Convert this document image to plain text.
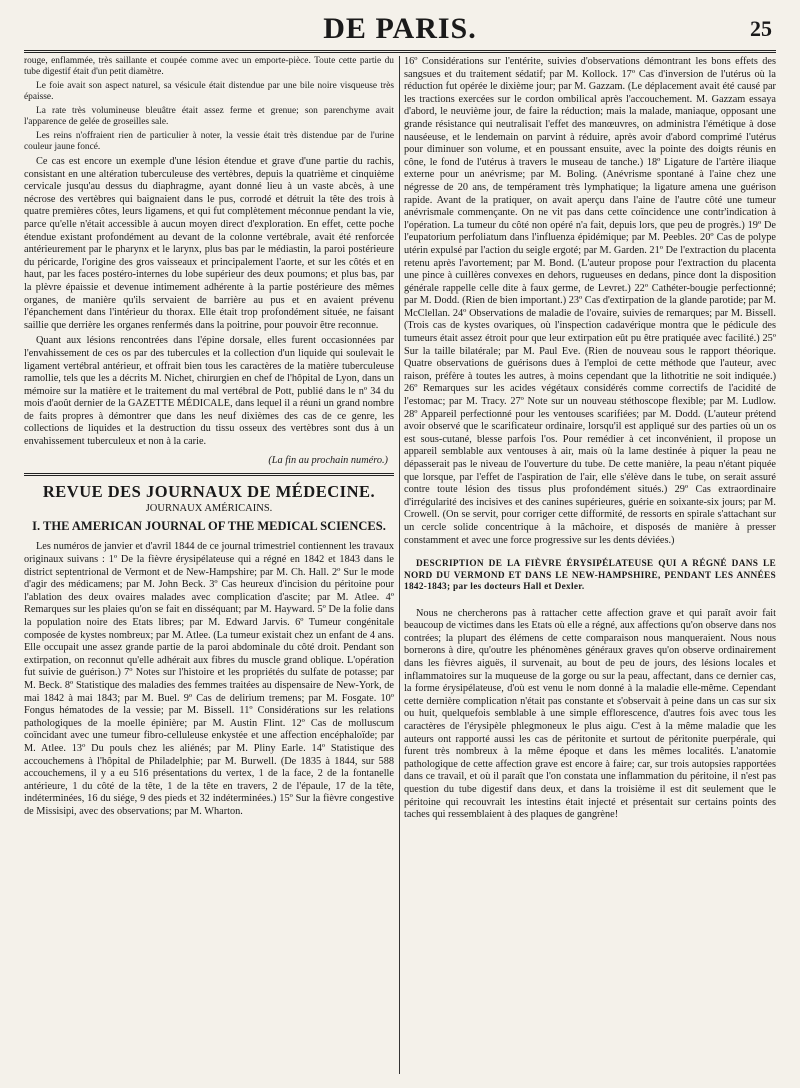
DE PARIS.	25

rouge, enflammée, très saillante et coupée comme avec un emporte-pièce. Toute cette partie du tube digestif était d'un petit diamètre.

Le foie avait son aspect naturel, sa vésicule était distendue par une bile noire visqueuse très épaisse.

La rate très volumineuse bleuâtre était assez ferme et grenue; son parenchyme avait l'apparence de gelée de groseilles sale.

Les reins n'offraient rien de particulier à noter, la vessie était très distendue par de l'urine couleur jaune foncé.

Ce cas est encore un exemple d'une lésion étendue et grave d'une partie du rachis, consistant en une altération tuberculeuse des vertèbres, depuis la quatrième et cinquième cervicale jusqu'au dessus du diaphragme, ayant donné lieu à un vaste abcès, à une nécrose des vertèbres qui baignaient dans le pus, corrodé et détruit la tête des trois à quatre premières côtes, leurs ligamens, et qui fut complètement méconnue pendant la vie, parce qu'elle n'était accessible à aucun moyen direct d'exploration. En effet, cette poche étendue existant profondément au devant de la colonne vertébrale, avait été renforcée antérieurement par le pharynx et le larynx, plus bas par le médiastin, la paroi postérieure du péricarde, l'origine des gros vaisseaux et principalement l'aorte, et sur les côtés et en haut, par les faces postéro-internes du lobe supérieur des deux poumons; et plus bas, par la plèvre épaissie et devenue intimement adhérente à la partie postérieure des mêmes organes, de manière qu'ils servaient de barrière au pus et en avaient prévenu l'épanchement dans l'intérieur du thorax. Elle était trop profondément située, ne faisant saillie que derrière les organes renfermés dans la poitrine, pour pouvoir être reconnue.

Quant aux lésions rencontrées dans l'épine dorsale, elles furent occasionnées par l'envahissement de ces os par des tubercules et la collection d'un liquide qui soulevait le ligament vertébral antérieur, et offrait bien tous les caractères de la matière tuberculeuse ramollie, tels que les a décrits M. Nichet, chirurgien en chef de l'hôpital de Lyon, dans un mémoire sur la matière et le traitement du mal vertébral de Pott, publié dans le nº 34 du mois d'août dernier de la GAZETTE MÉDICALE, dans lequel il a réuni un grand nombre de faits propres à démontrer que dans les neuf dixièmes des cas de ce genre, les collections de liquides et la destruction du tissu osseux des vertèbres sont dus à un envahissement tuberculeux et non à la carie.

(La fin au prochain numéro.)
REVUE DES JOURNAUX DE MÉDECINE.
JOURNAUX AMÉRICAINS.
I. THE AMERICAN JOURNAL OF THE MEDICAL SCIENCES.

Les numéros de janvier et d'avril 1844 de ce journal trimestriel contiennent les travaux originaux suivans : 1º De la fièvre érysipélateuse qui a régné en 1842 et 1843 dans le district septentrional de Vermont et de New-Hampshire; par M. Ch. Hall. 2º Sur le mode d'agir des médicamens; par M. John Beck. 3º Cas heureux d'incision du péritoine pour l'ablation des deux ovaires malades avec complication d'ascite; par M. Atlee. 4º Remarques sur les plaies qu'on se fait en disséquant; par M. Hayward. 5º De la folie dans la population noire des Etats libres; par M. Edward Jarvis. 6º Tumeur congénitale composée de kystes nombreux; par M. Atlee. (La tumeur existait chez un enfant de 4 ans. Elle occupait une assez grande partie de la paroi abdominale du côté droit. Pendant son extirpation, on reconnut qu'elle adhérait aux fibres du muscle grand oblique. L'opération fut suivie de guérison.) 7º Notes sur l'histoire et les propriétés du sulfate de potasse; par M. Beck. 8º Statistique des maladies des femmes traitées au dispensaire de New-York, de mai 1842 à mai 1843; par M. Buel. 9º Cas de delirium tremens; par M. Fosgate. 10º Fongus hématodes de la vessie; par M. Bissell. 11º Considérations sur les relations pathologiques de la moelle épinière; par M. Austin Flint. 12º Cas de molluscum coïncidant avec une tumeur fibro-celluleuse enkystée et une affection encéphaloïde; par M. Atlee. 13º Du pouls chez les aliénés; par M. Pliny Earle. 14º Statistique des accouchemens à l'hôpital de Philadelphie; par M. Burwell. (De 1835 à 1844, sur 588 accouchemens, il y a eu 516 présentations du vertex, 1 de la face, 2 de la fontanelle antérieure, 1 du côté de la tête, 1 de la tête en travers, 2 de l'épaule, 17 de la tête, indéterminées, 16 du siége, 9 des pieds et 32 indéterminées.) 15º Sur la fièvre congestive de Missisipi, avec des observations; par M. Wharton.

16º Considérations sur l'entérite, suivies d'observations démontrant les bons effets des sangsues et du traitement sédatif; par M. Kollock. 17º Cas d'inversion de l'utérus où la réduction fut opérée le dixième jour; par M. Gazzam. (Le déplacement avait été causé par les tractions exercées sur le cordon ombilical après l'accouchement. M. Gazzam essaya d'abord, le neuvième jour, de faire la réduction; mais la malade, maniaque, opposant une grande résistance qui neutralisait l'effet des manœuvres, on administra l'émétique à dose nauséeuse, et le lendemain on parvint à réduire, après avoir d'abord comprimé l'utérus pour diminuer son volume, et en poussant ensuite, avec la pointe des doigts réunis en cône, le fond de l'utérus à travers le museau de tanche.) 18º Ligature de l'artère iliaque externe pour un anévrisme; par M. Boling. (Anévrisme spontané à l'aine chez une négresse de 20 ans, de tempérament très lymphatique; la ligature amena une guérison rapide. Avant de la pratiquer, on avait aperçu dans l'aine de l'autre côté une tumeur anévrismale commençante. On ne vit pas dans cette coïncidence une contr'indication à l'opération. La tumeur du côté non opéré n'a fait, depuis lors, que peu de progrès.) 19º De l'eupatorium perfoliatum dans l'influenza épidémique; par M. Peebles. 20º Cas de polype utérin expulsé par l'action du seigle ergoté; par M. Garden. 21º De l'extraction du placenta retenu après l'avortement; par M. Bond. (L'auteur propose pour l'extraction du placenta une pince à cuillères convexes en dehors, rugueuses en dedans, pince dont la disposition générale rappelle celle dite à faux germe, de Levret.) 22º Cathéter-bougie perfectionné; par M. Dodd. (Rien de bien important.) 23º Cas d'extirpation de la glande parotide; par M. McClellan. 24º Observations de maladie de l'ovaire, suivies de remarques; par M. Bissell. (Trois cas de kystes ovariques, où l'inspection cadavérique montra que le pédicule des tumeurs était assez étroit pour que leur extirpation eût pu être pratiquée avec facilité.) 25º Sur la taille bilatérale; par M. Paul Eve. (Rien de nouveau sous le rapport théorique. Quatre observations de guérisons dues à l'emploi de cette méthode que l'auteur, avec raison, préfère à toutes les autres, à moins cependant que la lithotritie ne soit indiquée.) 26º Remarques sur les acides végétaux considérés comme correctifs de l'acidité de l'estomac; par M. Tracy. 27º Note sur un nouveau stéthoscope flexible; par M. Ludlow. 28º Appareil perfectionné pour les ventouses scarifiées; par M. Dodd. (L'auteur prétend avoir observé que le scarificateur ordinaire, lorsqu'il est appliqué sur des parties où un os est sous-cutané, blesse parfois l'os. Pour remédier à cet inconvénient, il propose un appareil semblable aux ventouses à air, mais où la lame destinée à piquer la peau ne dépasserait pas le niveau de l'ouverture du tube. De cette manière, la peau n'étant piquée que lorsque, par l'effet de l'aspiration de l'air, elle s'élève dans le tube, on serait assuré contre toute lésion des tissus plus profondément situés.) 29º Cas extraordinaire d'irrégularité des incisives et des canines supérieures, guérie en soixante-six jours; par M. Crowell. (On se servit, pour corriger cette difformité, de ressorts en spirale s'attachant sur un cercle solide concentrique à la mâchoire, et disposés de manière à presser constamment et avec une force progressive sur les dents déviées.)

DESCRIPTION DE LA FIÈVRE ÉRYSIPÉLATEUSE QUI A RÉGNÉ DANS LE NORD DU VERMOND ET DANS LE NEW-HAMPSHIRE, PENDANT LES ANNÉES 1842-1843; par les docteurs Hall et Dexler.

Nous ne chercherons pas à rattacher cette affection grave et qui paraît avoir fait beaucoup de victimes dans les Etats où elle a régné, aux affections qu'on observe dans nos contrées; la plupart des élémens de cette comparaison nous manqueraient. Nous nous bornerons à dire, qu'outre les phénomènes généraux graves qu'on observe ordinairement dans les fièvres aiguës, il survenait, au bout de peu de jours, des lésions locales et inflammatoires sur la muqueuse de la gorge ou sur la peau, affectant, dans ce dernier cas, la forme érysipélateuse, d'où est venu le nom donné à la maladie elle-même. Cependant cette dernière complication n'était pas constante et s'observait à peine dans un cas sur six ou huit, quelquefois semblable à une simple efflorescence, d'autres fois avec tous les caractères de l'érysipèle phlegmoneux le plus aigu. C'est à la même maladie que les auteurs ont rapporté aussi les cas de péritonite et surtout de péritonite puerpérale, qui furent très nombreux à la même époque et dans les mêmes localités. L'anatomie pathologique de cette affection grave est encore à faire; car, sur trois autopsies rapportées dans ce travail, et où il paraît que l'on constata une inflammation du péritoine, il n'est pas question du tube digestif dans deux, et dans la troisième il est dit seulement que le péritoine qui recouvrait les intestins était injecté et présentait sur certains points des taches qui ressemblaient à des plaques de gangrène!
